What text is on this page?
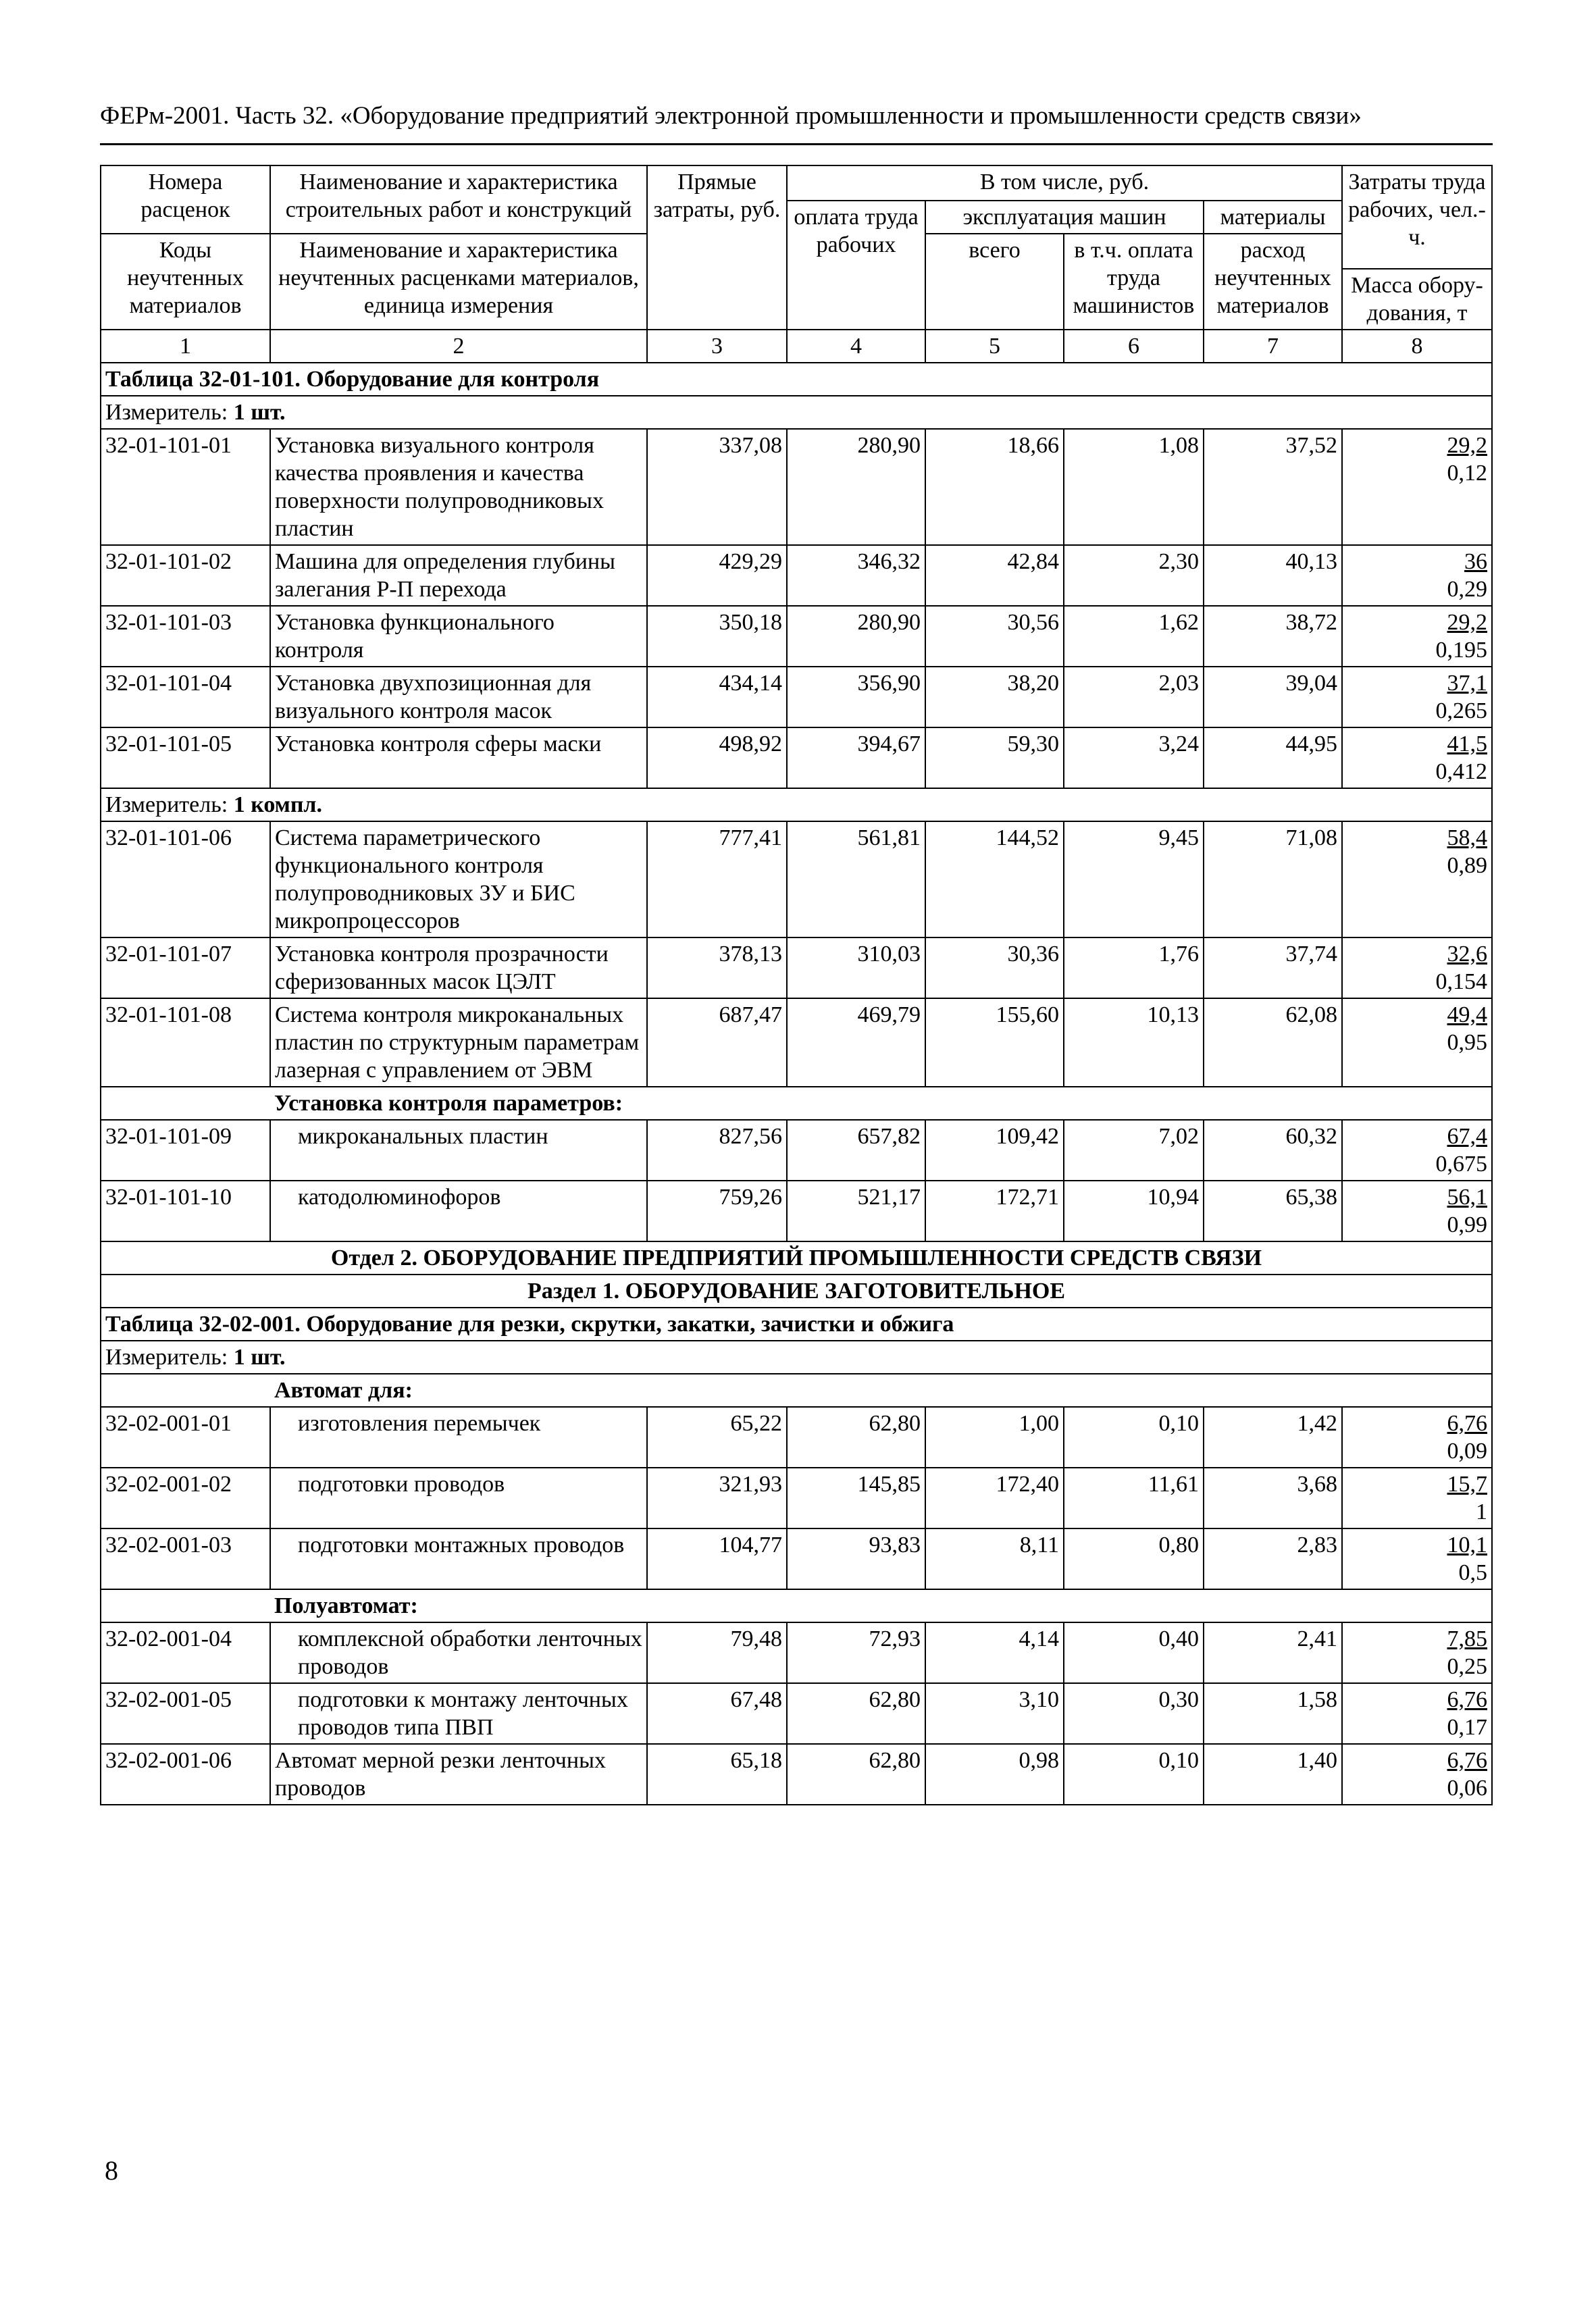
ФЕРм-2001. Часть 32. «Оборудование предприятий электронной промышленности и промышленности средств связи»
Номера расценок	Наименование и характеристика строительных работ и конструкций	Прямые затраты, руб.	В том числе, руб.				Затраты труда рабочих, чел.-ч.
			оплата труда рабочих	эксплуатация машин		материалы	
Коды неучтенных материалов	Наименование и характеристика неучтенных расценками материалов, единица измерения			всего	в т.ч. оплата труда машинистов	расход неучтенных материалов	
							Масса обору-дования, т
1	2	3	4	5	6	7	8
Таблица 32-01-101. Оборудование для контроля							
Измеритель: 1 шт.							
32-01-101-01	Установка визуального контроля качества проявления и качества поверхности полупроводниковых пластин	337,08	280,90	18,66	1,08	37,52	29,2
0,12

32-01-101-02	Машина для определения глубины залегания Р-П перехода	429,29	346,32	42,84	2,30	40,13	36
0,29

32-01-101-03	Установка функционального контроля	350,18	280,90	30,56	1,62	38,72	29,2
0,195

32-01-101-04	Установка двухпозиционная для визуального контроля масок	434,14	356,90	38,20	2,03	39,04	37,1
0,265

32-01-101-05	Установка контроля сферы маски	498,92	394,67	59,30	3,24	44,95	41,5
0,412

Измеритель: 1 компл.							
32-01-101-06	Система параметрического функционального контроля полупроводниковых ЗУ и БИС микропроцессоров	777,41	561,81	144,52	9,45	71,08	58,4
0,89

32-01-101-07	Установка контроля прозрачности сферизованных масок ЦЭЛТ	378,13	310,03	30,36	1,76	37,74	32,6
0,154

32-01-101-08	Система контроля микроканальных пластин по структурным параметрам лазерная с управлением от ЭВМ	687,47	469,79	155,60	10,13	62,08	49,4
0,95

	Установка контроля параметров:						
32-01-101-09	микроканальных пластин	827,56	657,82	109,42	7,02	60,32	67,4
0,675

32-01-101-10	катодолюминофоров	759,26	521,17	172,71	10,94	65,38	56,1
0,99

Отдел 2. ОБОРУДОВАНИЕ ПРЕДПРИЯТИЙ ПРОМЫШЛЕННОСТИ СРЕДСТВ СВЯЗИ							
Раздел 1. ОБОРУДОВАНИЕ ЗАГОТОВИТЕЛЬНОЕ							
Таблица 32-02-001. Оборудование для резки, скрутки, закатки, зачистки и обжига							
Измеритель: 1 шт.							
	Автомат для:						
32-02-001-01	изготовления перемычек	65,22	62,80	1,00	0,10	1,42	6,76
0,09

32-02-001-02	подготовки проводов	321,93	145,85	172,40	11,61	3,68	15,7
1

32-02-001-03	подготовки монтажных проводов	104,77	93,83	8,11	0,80	2,83	10,1
0,5

	Полуавтомат:						
32-02-001-04	комплексной обработки ленточных проводов	79,48	72,93	4,14	0,40	2,41	7,85
0,25

32-02-001-05	подготовки к монтажу ленточных проводов типа ПВП	67,48	62,80	3,10	0,30	1,58	6,76
0,17

32-02-001-06	Автомат мерной резки ленточных проводов	65,18	62,80	0,98	0,10	1,40	6,76
0,06
8
